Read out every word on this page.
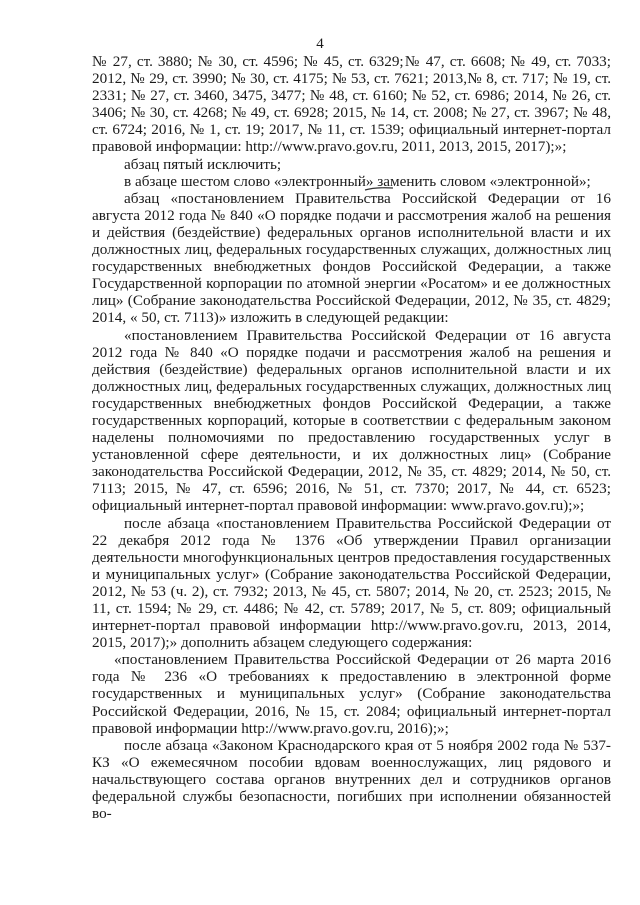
4

№ 27, ст. 3880; № 30, ст. 4596; № 45, ст. 6329;№ 47, ст. 6608; № 49, ст. 7033; 2012, № 29, ст. 3990; № 30, ст. 4175; № 53, ст. 7621; 2013,№ 8, ст. 717; № 19, ст. 2331; № 27, ст. 3460, 3475, 3477; № 48, ст. 6160; № 52, ст. 6986; 2014, № 26, ст. 3406; № 30, ст. 4268; № 49, ст. 6928; 2015, № 14, ст. 2008; № 27, ст. 3967; № 48, ст. 6724; 2016, № 1, ст. 19; 2017, № 11, ст. 1539; официальный интернет-портал правовой информации: http://www.pravo.gov.ru, 2011, 2013, 2015, 2017);»;

абзац пятый исключить;

в абзаце шестом слово «электронный» заменить словом «электронной»;

абзац «постановлением Правительства Российской Федерации от 16 августа 2012 года № 840 «О порядке подачи и рассмотрения жалоб на решения и действия (бездействие) федеральных органов исполнительной власти и их должностных лиц, федеральных государственных служащих, должностных лиц государственных внебюджетных фондов Российской Федерации, а также Государственной корпорации по атомной энергии «Росатом» и ее должностных лиц» (Собрание законодательства Российской Федерации, 2012, № 35, ст. 4829; 2014, « 50, ст. 7113)» изложить в следующей редакции:

«постановлением Правительства Российской Федерации от 16 августа 2012 года № 840 «О порядке подачи и рассмотрения жалоб на решения и действия (бездействие) федеральных органов исполнительной власти и их должностных лиц, федеральных государственных служащих, должностных лиц государственных внебюджетных фондов Российской Федерации, а также государственных корпораций, которые в соответствии с федеральным законом наделены полномочиями по предоставлению государственных услуг в установленной сфере деятельности, и их должностных лиц» (Собрание законодательства Российской Федерации, 2012, № 35, ст. 4829; 2014, № 50, ст. 7113; 2015, № 47, ст. 6596; 2016, № 51, ст. 7370; 2017, № 44, ст. 6523; официальный интернет-портал правовой информации: www.pravo.gov.ru);»;

после абзаца «постановлением Правительства Российской Федерации от 22 декабря 2012 года № 1376 «Об утверждении Правил организации деятельности многофункциональных центров предоставления государственных и муниципальных услуг» (Собрание законодательства Российской Федерации, 2012, № 53 (ч. 2), ст. 7932; 2013, № 45, ст. 5807; 2014, № 20, ст. 2523; 2015, № 11, ст. 1594; № 29, ст. 4486; № 42, ст. 5789; 2017, № 5, ст. 809; официальный интернет-портал правовой информации http://www.pravo.gov.ru, 2013, 2014, 2015, 2017);» дополнить абзацем следующего содержания:

«постановлением Правительства Российской Федерации от 26 марта 2016 года № 236 «О требованиях к предоставлению в электронной форме государственных и муниципальных услуг» (Собрание законодательства Российской Федерации, 2016, № 15, ст. 2084; официальный интернет-портал правовой информации http://www.pravo.gov.ru, 2016);»;

после абзаца «Законом Краснодарского края от 5 ноября 2002 года № 537-КЗ «О ежемесячном пособии вдовам военнослужащих, лиц рядового и начальствующего состава органов внутренних дел и сотрудников органов федеральной службы безопасности, погибших при исполнении обязанностей во-
